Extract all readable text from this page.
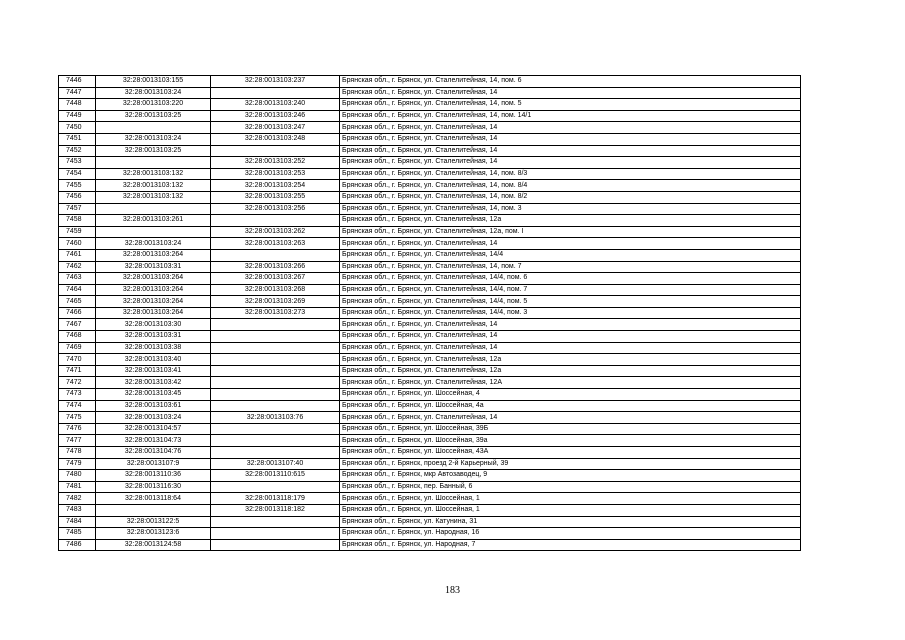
7446	32:28:0013103:155	32:28:0013103:237	Брянская обл., г. Брянск, ул. Сталелитейная, 14, пом. 6
7447	32:28:0013103:24		Брянская обл., г. Брянск, ул. Сталелитейная, 14
7448	32:28:0013103:220	32:28:0013103:240	Брянская обл., г. Брянск, ул. Сталелитейная, 14, пом. 5
7449	32:28:0013103:25	32:28:0013103:246	Брянская обл., г. Брянск, ул. Сталелитейная, 14, пом. 14/1
7450		32:28:0013103:247	Брянская обл., г. Брянск, ул. Сталелитейная, 14
7451	32:28:0013103:24	32:28:0013103:248	Брянская обл., г. Брянск, ул. Сталелитейная, 14
7452	32:28:0013103:25		Брянская обл., г. Брянск, ул. Сталелитейная, 14
7453		32:28:0013103:252	Брянская обл., г. Брянск, ул. Сталелитейная, 14
7454	32:28:0013103:132	32:28:0013103:253	Брянская обл., г. Брянск, ул. Сталелитейная, 14, пом. 8/3
7455	32:28:0013103:132	32:28:0013103:254	Брянская обл., г. Брянск, ул. Сталелитейная, 14, пом. 8/4
7456	32:28:0013103:132	32:28:0013103:255	Брянская обл., г. Брянск, ул. Сталелитейная, 14, пом. 8/2
7457		32:28:0013103:256	Брянская обл., г. Брянск, ул. Сталелитейная, 14, пом. 3
7458	32:28:0013103:261		Брянская обл., г. Брянск, ул. Сталелитейная, 12а
7459		32:28:0013103:262	Брянская обл., г. Брянск, ул. Сталелитейная, 12а, пом. I
7460	32:28:0013103:24	32:28:0013103:263	Брянская обл., г. Брянск, ул. Сталелитейная, 14
7461	32:28:0013103:264		Брянская обл., г. Брянск, ул. Сталелитейная, 14/4
7462	32:28:0013103:31	32:28:0013103:266	Брянская обл., г. Брянск, ул. Сталелитейная, 14, пом. 7
7463	32:28:0013103:264	32:28:0013103:267	Брянская обл., г. Брянск, ул. Сталелитейная, 14/4, пом. 6
7464	32:28:0013103:264	32:28:0013103:268	Брянская обл., г. Брянск, ул. Сталелитейная, 14/4, пом. 7
7465	32:28:0013103:264	32:28:0013103:269	Брянская обл., г. Брянск, ул. Сталелитейная, 14/4, пом. 5
7466	32:28:0013103:264	32:28:0013103:273	Брянская обл., г. Брянск, ул. Сталелитейная, 14/4, пом. 3
7467	32:28:0013103:30		Брянская обл., г. Брянск, ул. Сталелитейная, 14
7468	32:28:0013103:31		Брянская обл., г. Брянск, ул. Сталелитейная, 14
7469	32:28:0013103:38		Брянская обл., г. Брянск, ул. Сталелитейная, 14
7470	32:28:0013103:40		Брянская обл., г. Брянск, ул. Сталелитейная, 12а
7471	32:28:0013103:41		Брянская обл., г. Брянск, ул. Сталелитейная, 12а
7472	32:28:0013103:42		Брянская обл., г. Брянск, ул. Сталелитейная, 12А
7473	32:28:0013103:45		Брянская обл., г. Брянск, ул. Шоссейная, 4
7474	32:28:0013103:61		Брянская обл., г. Брянск, ул. Шоссейная, 4а
7475	32:28:0013103:24	32:28:0013103:76	Брянская обл., г. Брянск, ул. Сталелитейная, 14
7476	32:28:0013104:57		Брянская обл., г. Брянск, ул. Шоссейная, 39Б
7477	32:28:0013104:73		Брянская обл., г. Брянск, ул. Шоссейная, 39а
7478	32:28:0013104:76		Брянская обл., г. Брянск, ул. Шоссейная, 43А
7479	32:28:0013107:9	32:28:0013107:40	Брянская обл., г. Брянск, проезд 2-й Карьерный, 39
7480	32:28:0013110:36	32:28:0013110:615	Брянская обл., г. Брянск, мкр Автозаводец, 9
7481	32:28:0013116:30		Брянская обл., г. Брянск, пер. Банный, 6
7482	32:28:0013118:64	32:28:0013118:179	Брянская обл., г. Брянск, ул. Шоссейная, 1
7483		32:28:0013118:182	Брянская обл., г. Брянск, ул. Шоссейная, 1
7484	32:28:0013122:5		Брянская обл., г. Брянск, ул. Катунина, 31
7485	32:28:0013123:6		Брянская обл., г. Брянск, ул. Народная, 16
7486	32:28:0013124:58		Брянская обл., г. Брянск, ул. Народная, 7
183
